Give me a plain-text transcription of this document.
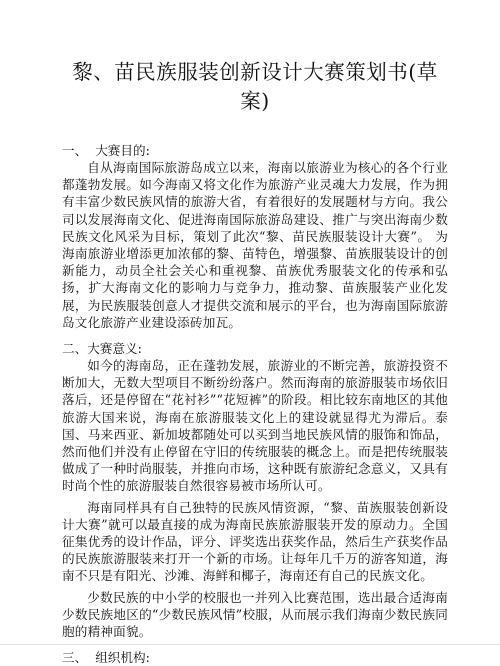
黎、苗民族服装创新设计大赛策划书(草案)

一、  大赛目的:

自从海南国际旅游岛成立以来，海南以旅游业为核心的各个行业都蓬勃发展。如今海南又将文化作为旅游产业灵魂大力发展，作为拥有丰富少数民族风情的旅游大省，有着很好的发展题材与方向。我公司以发展海南文化、促进海南国际旅游岛建设、推广与突出海南少数民族文化风采为目标，策划了此次“黎、苗民族服装设计大赛”。 为海南旅游业增添更加浓郁的黎、苗特色，增强黎、苗族服装设计的创新能力，动员全社会关心和重视黎、苗族优秀服装文化的传承和弘扬，扩大海南文化的影响力与竞争力，推动黎、苗族服装产业化发展，为民族服装创意人才提供交流和展示的平台，也为海南国际旅游岛文化旅游产业建设添砖加瓦。

二、大赛意义:

如今的海南岛，正在蓬勃发展，旅游业的不断完善，旅游投资不断加大，无数大型项目不断纷纷落户。然而海南的旅游服装市场依旧落后，还是停留在“花衬衫”“花短裤”的阶段。相比较东南地区的其他旅游大国来说，海南在旅游服装文化上的建设就显得尤为滞后。泰国、马来西亚、新加坡都随处可以买到当地民族风情的服饰和饰品，然而他们并没有止停留在守旧的传统服装的概念上。而是把传统服装做成了一种时尚服装，并推向市场，这种既有旅游纪念意义，又具有时尚个性的旅游服装自然很容易被市场所认可。

海南同样具有自己独特的民族风情资源，“黎、苗族服装创新设计大赛”就可以最直接的成为海南民族旅游服装开发的原动力。全国征集优秀的设计作品，评分、评奖选出获奖作品，然后生产获奖作品的民族旅游服装来打开一个新的市场。让每年几千万的游客知道，海南不只是有阳光、沙滩、海鲜和椰子，海南还有自己的民族文化。

少数民族的中小学的校服也一并列入比赛范围，选出最合适海南少数民族地区的“少数民族风情”校服，从而展示我们海南少数民族同胞的精神面貌。

三、  组织机构:
